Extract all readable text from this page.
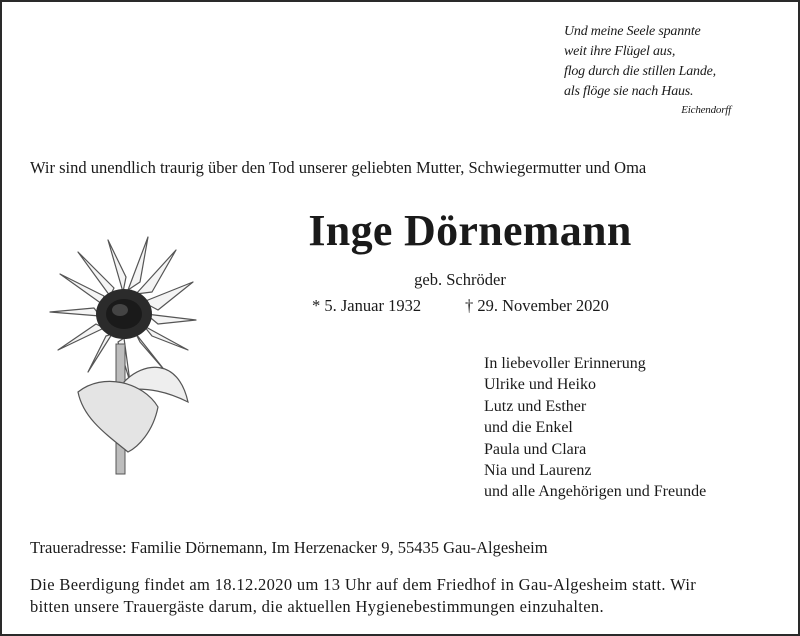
Und meine Seele spannte
weit ihre Flügel aus,
flog durch die stillen Lande,
als flöge sie nach Haus.
Eichendorff
Wir sind unendlich traurig über den Tod unserer geliebten Mutter, Schwiegermutter und Oma
Inge Dörnemann
geb. Schröder
* 5. Januar 1932	† 29. November 2020
In liebevoller Erinnerung
Ulrike und Heiko
Lutz und Esther
und die Enkel
Paula und Clara
Nia und Laurenz
und alle Angehörigen und Freunde
Traueradresse: Familie Dörnemann, Im Herzenacker 9, 55435 Gau-Algesheim
Die Beerdigung findet am 18.12.2020 um 13 Uhr auf dem Friedhof in Gau-Algesheim statt. Wir
bitten unsere Trauergäste darum, die aktuellen Hygienebestimmungen einzuhalten.
